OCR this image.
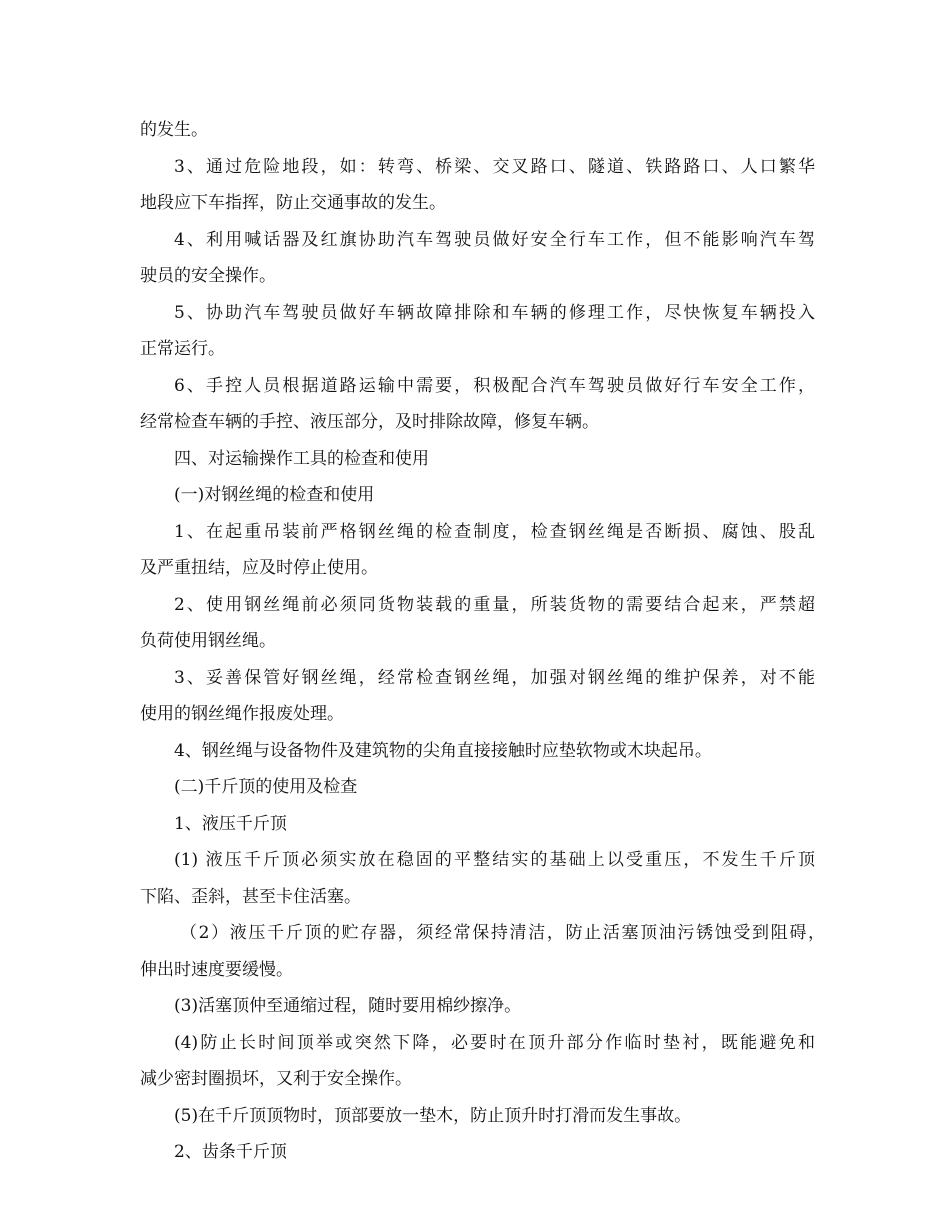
的发生。
3、通过危险地段，如：转弯、桥梁、交叉路口、隧道、铁路路口、人口繁华
地段应下车指挥，防止交通事故的发生。
4、利用喊话器及红旗协助汽车驾驶员做好安全行车工作，但不能影响汽车驾
驶员的安全操作。
5、协助汽车驾驶员做好车辆故障排除和车辆的修理工作，尽快恢复车辆投入
正常运行。
6、手控人员根据道路运输中需要，积极配合汽车驾驶员做好行车安全工作，
经常检查车辆的手控、液压部分，及时排除故障，修复车辆。
四、对运输操作工具的检查和使用
(一)对钢丝绳的检查和使用
1、在起重吊装前严格钢丝绳的检查制度，检查钢丝绳是否断损、腐蚀、股乱
及严重扭结，应及时停止使用。
2、使用钢丝绳前必须同货物装载的重量，所装货物的需要结合起来，严禁超
负荷使用钢丝绳。
3、妥善保管好钢丝绳，经常检查钢丝绳，加强对钢丝绳的维护保养，对不能
使用的钢丝绳作报废处理。
4、钢丝绳与设备物件及建筑物的尖角直接接触时应垫软物或木块起吊。
(二)千斤顶的使用及检查
1、液压千斤顶
(1) 液压千斤顶必须实放在稳固的平整结实的基础上以受重压，不发生千斤顶
下陷、歪斜，甚至卡住活塞。
（2）液压千斤顶的贮存器，须经常保持清洁，防止活塞顶油污锈蚀受到阻碍，
伸出时速度要缓慢。
(3)活塞顶仲至通缩过程，随时要用棉纱擦净。
(4)防止长时间顶举或突然下降，必要时在顶升部分作临时垫衬，既能避免和
减少密封圈损坏，又利于安全操作。
(5)在千斤顶顶物时，顶部要放一垫木，防止顶升时打滑而发生事故。
2、齿条千斤顶
